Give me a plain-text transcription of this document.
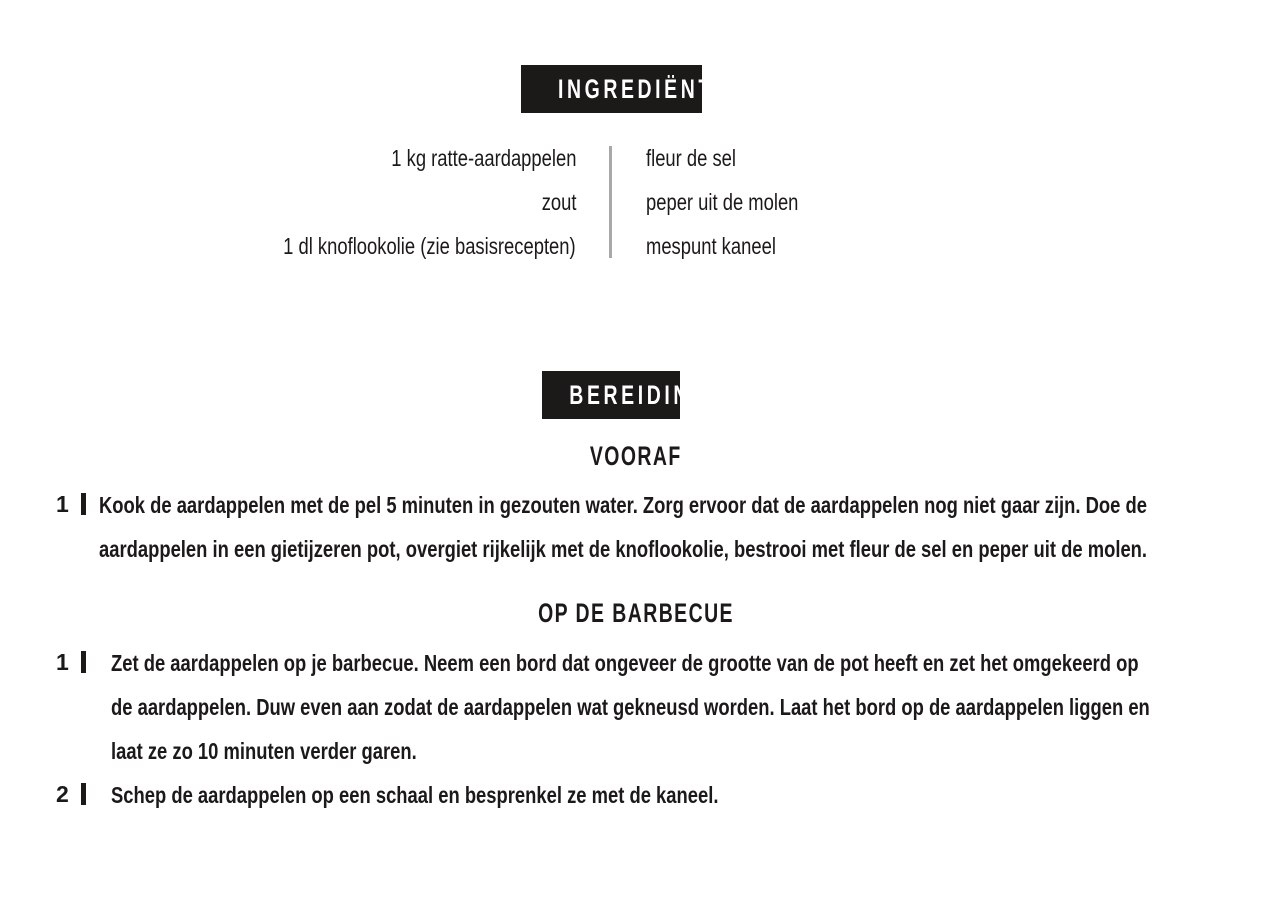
INGREDIËNTEN
1 kg ratte-aardappelen
zout
1 dl knoflookolie (zie basisrecepten)
fleur de sel
peper uit de molen
mespunt kaneel
BEREIDING
VOORAF
1	Kook de aardappelen met de pel 5 minuten in gezouten water. Zorg ervoor dat de aardappelen nog niet gaar zijn. Doe de
aardappelen in een gietijzeren pot, overgiet rijkelijk met de knoflookolie, bestrooi met fleur de sel en peper uit de molen.
OP DE BARBECUE
1	Zet de aardappelen op je barbecue. Neem een bord dat ongeveer de grootte van de pot heeft en zet het omgekeerd op
de aardappelen. Duw even aan zodat de aardappelen wat gekneusd worden. Laat het bord op de aardappelen liggen en
laat ze zo 10 minuten verder garen.
2	Schep de aardappelen op een schaal en besprenkel ze met de kaneel.
